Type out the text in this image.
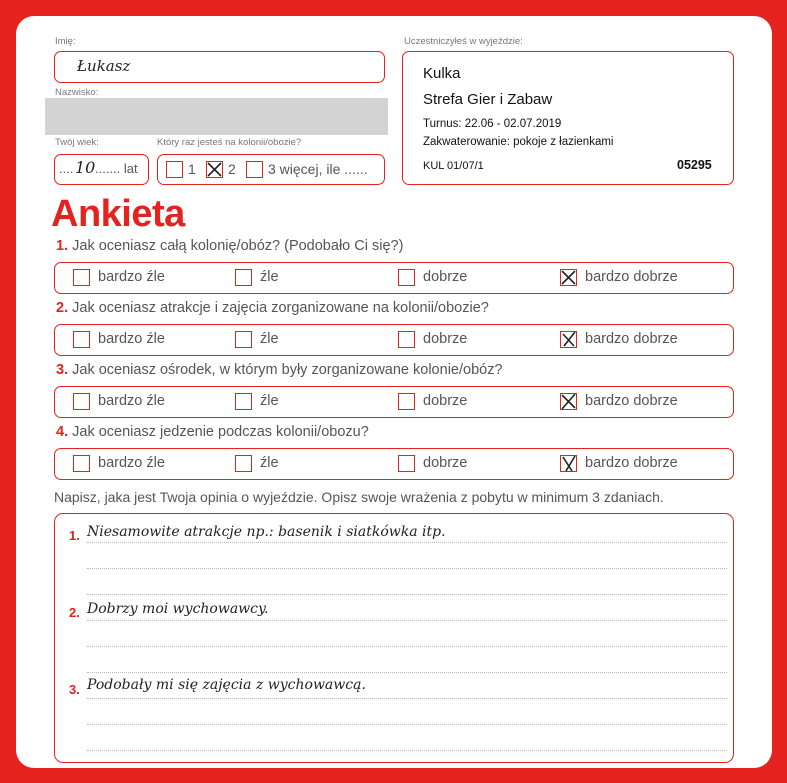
Imię:
Łukasz
Nazwisko:
Twój wiek:
.... 10 ....... lat
Który raz jesteś na kolonii/obozie?
1 2 3 więcej, ile ......
Uczestniczyłeś w wyjeździe:
Kulka
Strefa Gier i Zabaw
Turnus: 22.06 - 02.07.2019
Zakwaterowanie: pokoje z łazienkami
KUL 01/07/1	05295
Ankieta
1. Jak oceniasz całą kolonię/obóz? (Podobało Ci się?)
bardzo źle	źle	dobrze	bardzo dobrze
2. Jak oceniasz atrakcje i zajęcia zorganizowane na kolonii/obozie?
bardzo źle	źle	dobrze	bardzo dobrze
3. Jak oceniasz ośrodek, w którym były zorganizowane kolonie/obóz?
bardzo źle	źle	dobrze	bardzo dobrze
4. Jak oceniasz jedzenie podczas kolonii/obozu?
bardzo źle	źle	dobrze	bardzo dobrze
Napisz, jaka jest Twoja opinia o wyjeździe. Opisz swoje wrażenia z pobytu w minimum 3 zdaniach.
1. Niesamowite atrakcje np.: basenik i siatkówka itp.
2. Dobrzy moi wychowawcy.
3. Podobały mi się zajęcia z wychowawcą.
